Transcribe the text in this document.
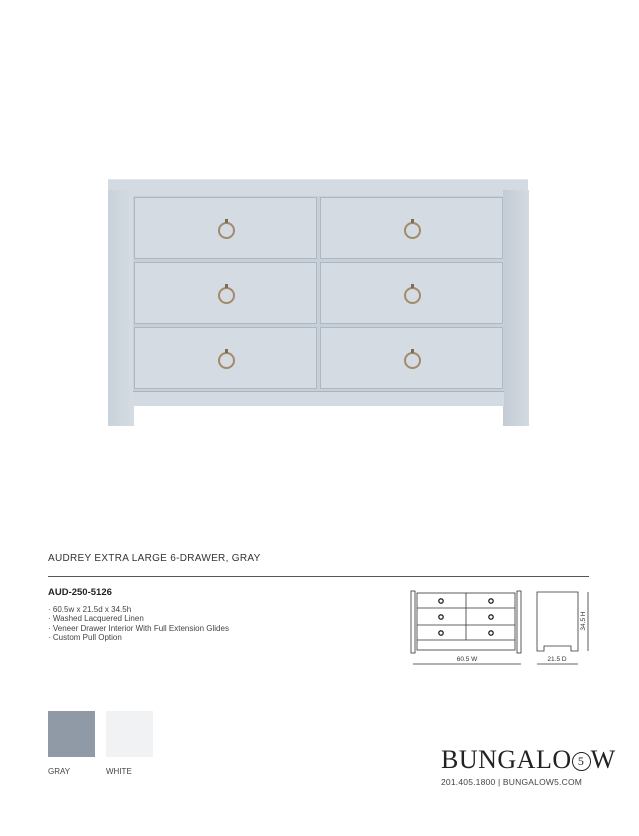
AUDREY EXTRA LARGE 6-DRAWER, GRAY
AUD-250-5126
· 60.5w x 21.5d x 34.5h
· Washed Lacquered Linen
· Veneer Drawer Interior With Full Extension Glides
· Custom Pull Option
60.5 W	21.5 D
34.5 H
GRAY	WHITE	BUNGALO 5 W
201.405.1800 | BUNGALOW5.COM
